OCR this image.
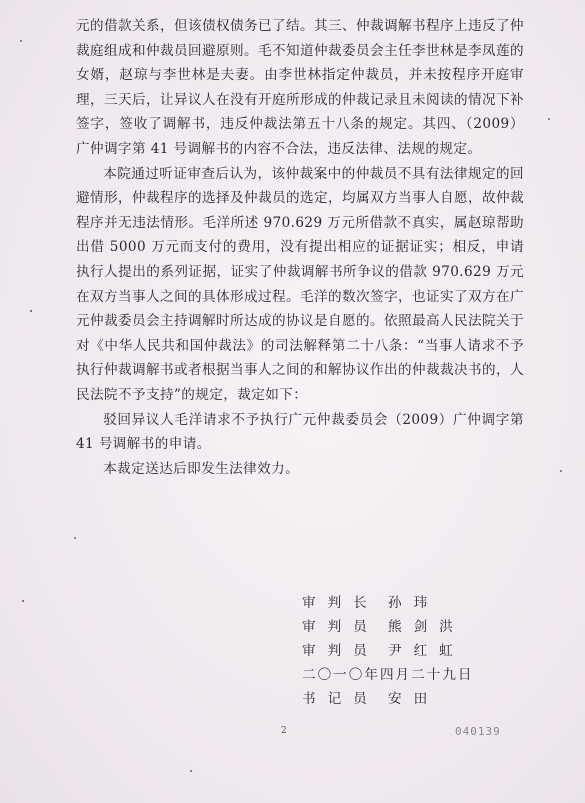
元的借款关系，但该债权债务已了结。其三、仲裁调解书程序上违反了仲裁庭组成和仲裁员回避原则。毛不知道仲裁委员会主任李世林是李凤莲的女婿，赵琼与李世林是夫妻。由李世林指定仲裁员，并未按程序开庭审理，三天后，让异议人在没有开庭所形成的仲裁记录且未阅读的情况下补签字，签收了调解书，违反仲裁法第五十八条的规定。其四、（2009）广仲调字第 41 号调解书的内容不合法，违反法律、法规的规定。

本院通过听证审查后认为，该仲裁案中的仲裁员不具有法律规定的回避情形，仲裁程序的选择及仲裁员的选定，均属双方当事人自愿，故仲裁程序并无违法情形。毛洋所述 970.629 万元所借款不真实，属赵琼帮助出借 5000 万元而支付的费用，没有提出相应的证据证实；相反，申请执行人提出的系列证据，证实了仲裁调解书所争议的借款 970.629 万元在双方当事人之间的具体形成过程。毛洋的数次签字，也证实了双方在广元仲裁委员会主持调解时所达成的协议是自愿的。依照最高人民法院关于对《中华人民共和国仲裁法》的司法解释第二十八条：“当事人请求不予执行仲裁调解书或者根据当事人之间的和解协议作出的仲裁裁决书的，人民法院不予支持”的规定，裁定如下：

驳回异议人毛洋请求不予执行广元仲裁委员会（2009）广仲调字第 41 号调解书的申请。

本裁定送达后即发生法律效力。

审判长 孙玮
审判员 熊剑洪
审判员 尹红虹
二〇一〇年四月二十九日
书记员 安田
2	040139
